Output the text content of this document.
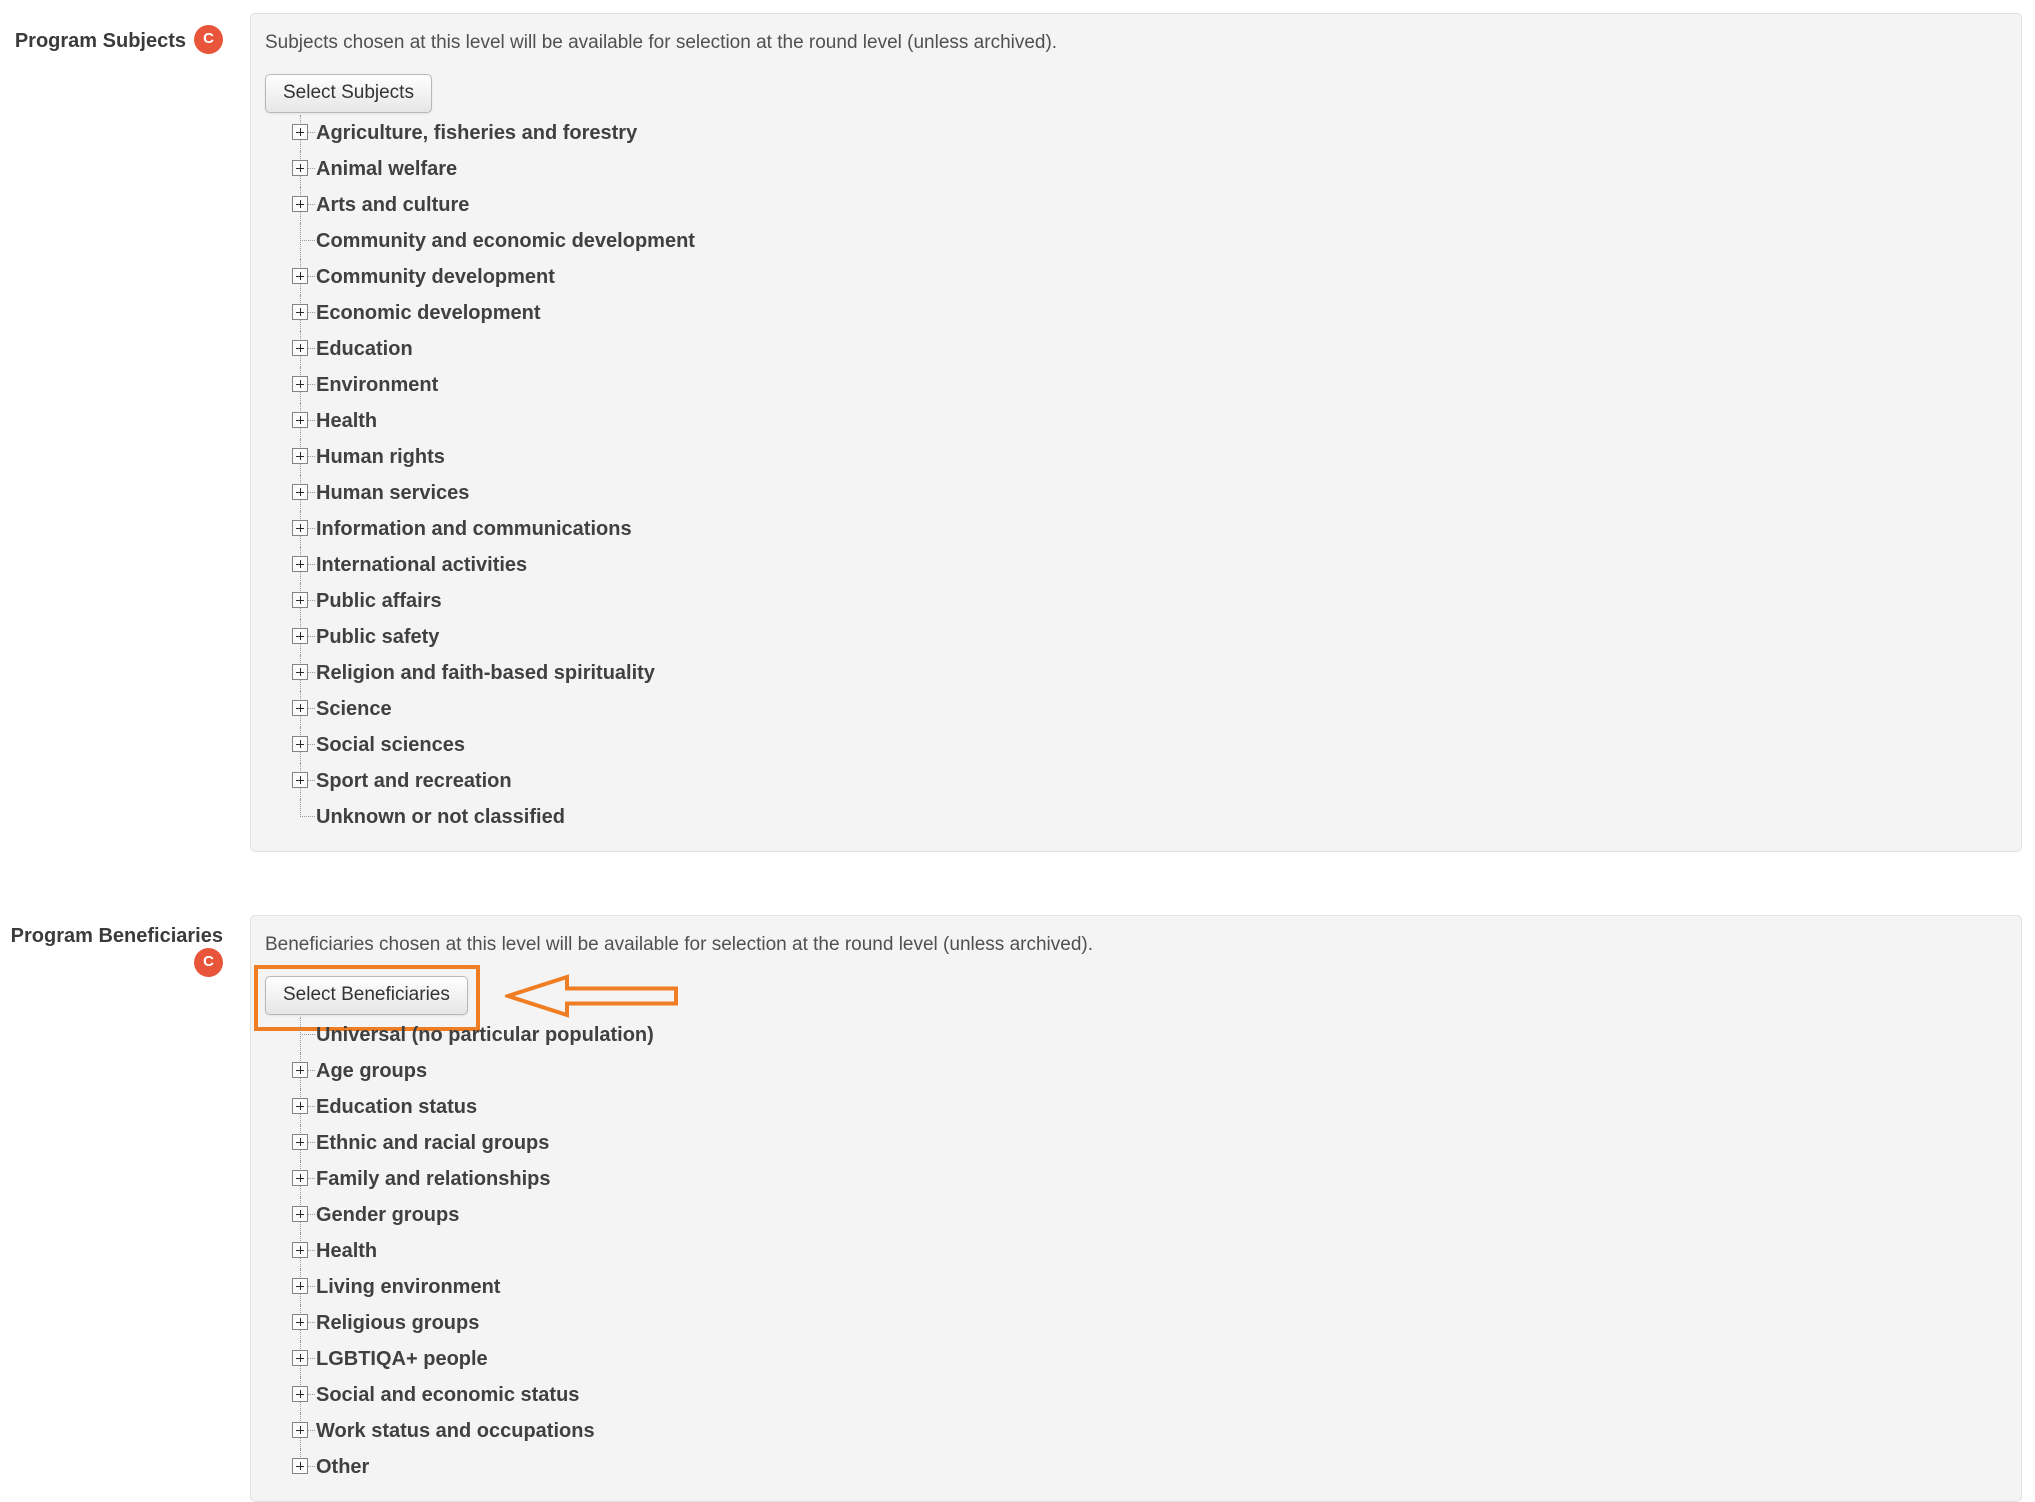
Program Subjects C	Subjects chosen at this level will be available for selection at the round level (unless archived).
Select Subjects
Agriculture, fisheries and forestry
Animal welfare
Arts and culture
Community and economic development
Community development
Economic development
Education
Environment
Health
Human rights
Human services
Information and communications
International activities
Public affairs
Public safety
Religion and faith-based spirituality
Science
Social sciences
Sport and recreation
Unknown or not classified
Program BeneficiariesC
Beneficiaries chosen at this level will be available for selection at the round level (unless archived).
Select Beneficiaries
Universal (no particular population)
Age groups
Education status
Ethnic and racial groups
Family and relationships
Gender groups
Health
Living environment
Religious groups
LGBTIQA+ people
Social and economic status
Work status and occupations
Other
